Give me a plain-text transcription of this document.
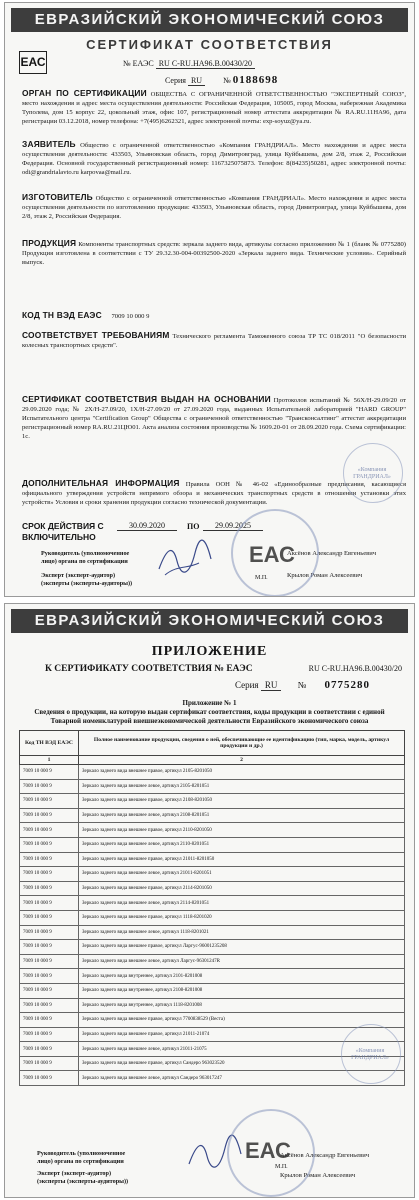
ЕВРАЗИЙСКИЙ ЭКОНОМИЧЕСКИЙ СОЮЗ
СЕРТИФИКАТ СООТВЕТСТВИЯ
ЕАС	№ ЕАЭС RU С-RU.НА96.В.00430/20
Серия RU	№ 0188698
ОРГАН ПО СЕРТИФИКАЦИИ ОБЩЕСТВА С ОГРАНИЧЕННОЙ ОТВЕТСТВЕННОСТЬЮ "ЭКСПЕРТНЫЙ СОЮЗ", место нахождения и адрес места осуществления деятельности: Российская Федерация, 105005, город Москва, набережная Академика Туполева, дом 15 корпус 22, цокольный этаж, офис 107, регистрационный номер аттестата аккредитации № RA.RU.11НА96, дата регистрации 03.12.2018, номер телефона: +7(495)6262321, адрес электронной почты: exp-soyuz@ya.ru.
ЗАЯВИТЕЛЬ Общество с ограниченной ответственностью «Компания ГРАНДРИАЛ». Место нахождения и адрес места осуществления деятельности: 433503, Ульяновская область, город Димитровград, улица Куйбышева, дом 2/8, этаж 2, Российская Федерация. Основной государственный регистрационный номер: 1167325075873. Телефон: 8(84235)50281, адрес электронной почты: odi@grandrialavto.ru karpovaa@mail.ru.
ИЗГОТОВИТЕЛЬ Общество с ограниченной ответственностью «Компания ГРАНДРИАЛ». Место нахождения и адрес места осуществления деятельности по изготовлению продукции: 433503, Ульяновская область, город Димитровград, улица Куйбышева, дом 2/8, этаж 2, Российская Федерация.
ПРОДУКЦИЯ Компоненты транспортных средств: зеркала заднего вида, артикулы согласно приложению № 1 (бланк № 0775280) Продукция изготовлена в соответствии с ТУ 29.32.30-004-00392500-2020 «Зеркала заднего вида. Технические условия». Серийный выпуск.
КОД ТН ВЭД ЕАЭС 7009 10 000 9
СООТВЕТСТВУЕТ ТРЕБОВАНИЯМ Технического регламента Таможенного союза ТР ТС 018/2011 "О безопасности колесных транспортных средств".
СЕРТИФИКАТ СООТВЕТСТВИЯ ВЫДАН НА ОСНОВАНИИ Протоколов испытаний № 56Х/Н-29.09/20 от 29.09.2020 года; № 2Х/Н-27.09/20, 1Х/Н-27.09/20 от 27.09.2020 года, выданных Испытательной лабораторией "HARD GROUP" Испытательного центра "Certification Group" Общества с ограниченной ответственностью "Трансконсалтинг" аттестат аккредитации регистрационный номер RA.RU.21ЦЮ01. Акта анализа состояния производства № 1609.20-01 от 28.09.2020 года. Схема сертификации: 1с.
ДОПОЛНИТЕЛЬНАЯ ИНФОРМАЦИЯ Правила ООН № 46-02 «Единообразные предписания, касающиеся официального утверждения устройств непрямого обзора и механических транспортных средств в отношении установки этих устройств» Условия и сроки хранения продукции согласно технической документации.
СРОК ДЕЙСТВИЯ С
ВКЛЮЧИТЕЛЬНО
30.09.2020	ПО	29.09.2025
Руководитель (уполномоченное
лицо) органа по сертификации
Аксёнов Александр Евгеньевич
Эксперт (эксперт-аудитор)
(эксперты (эксперты-аудиторы))
Крылов Роман Алексеевич
ЕАС
М.П.
«Компания ГРАНДРИАЛ»
ЕВРАЗИЙСКИЙ ЭКОНОМИЧЕСКИЙ СОЮЗ
ПРИЛОЖЕНИЕ
К СЕРТИФИКАТУ СООТВЕТСТВИЯ № ЕАЭС	RU С-RU.НА96.В.00430/20
Серия RU № 0775280
Приложение № 1
Сведения о продукции, на которую выдан сертификат соответствия, коды продукции в соответствии с единой
Товарной номенклатурой внешнеэкономической деятельности Евразийского экономического союза
Код ТН ВЭД ЕАЭС	Полное наименование продукции, сведения о ней, обеспечивающие ее идентификацию (тип, марка, модель, артикул продукции и др.)
1	2
7009 10 000 9	Зеркало заднего вида внешнее правое, артикул 2105-8201050
7009 10 000 9	Зеркало заднего вида внешнее левое, артикул 2105-8201051
7009 10 000 9	Зеркало заднего вида внешнее правое, артикул 2108-8201050
7009 10 000 9	Зеркало заднего вида внешнее левое, артикул 2108-8201051
7009 10 000 9	Зеркало заднего вида внешнее правое, артикул 2110-8201050
7009 10 000 9	Зеркало заднего вида внешнее левое, артикул 2110-8201051
7009 10 000 9	Зеркало заднего вида внешнее правое, артикул 21011-8201050
7009 10 000 9	Зеркало заднего вида внешнее левое, артикул 21011-8201051
7009 10 000 9	Зеркало заднего вида внешнее правое, артикул 2114-8201050
7009 10 000 9	Зеркало заднего вида внешнее левое, артикул 2114-8201051
7009 10 000 9	Зеркало заднего вида внешнее правое, артикул 1118-8201020
7009 10 000 9	Зеркало заднего вида внешнее левое, артикул 1118-8201021
7009 10 000 9	Зеркало заднего вида внешнее правое, артикул Ларгус-96001235208
7009 10 000 9	Зеркало заднего вида внешнее левое, артикул Ларгус-96301247R
7009 10 000 9	Зеркало заднего вида внутреннее, артикул 2101-8201008
7009 10 000 9	Зеркало заднего вида внутреннее, артикул 2108-8201008
7009 10 000 9	Зеркало заднего вида внутреннее, артикул 1118-8201008
7009 10 000 9	Зеркало заднего вида внешнее правое, артикул 7700838529 (Веста)
7009 10 000 9	Зеркало заднего вида внешнее правое, артикул 21011-21074
7009 10 000 9	Зеркало заднего вида внешнее левое, артикул 21011-21075
7009 10 000 9	Зеркало заднего вида внешнее правое, артикул Сандеро 963023520
7009 10 000 9	Зеркало заднего вида внешнее левое, артикул Сандеро 963017247
Руководитель (уполномоченное
лицо) органа по сертификации
Аксёнов Александр Евгеньевич
Эксперт (эксперт-аудитор)
(эксперты (эксперты-аудиторы))
Крылов Роман Алексеевич
ЕАС
М.П.
«Компания ГРАНДРИАЛ»
